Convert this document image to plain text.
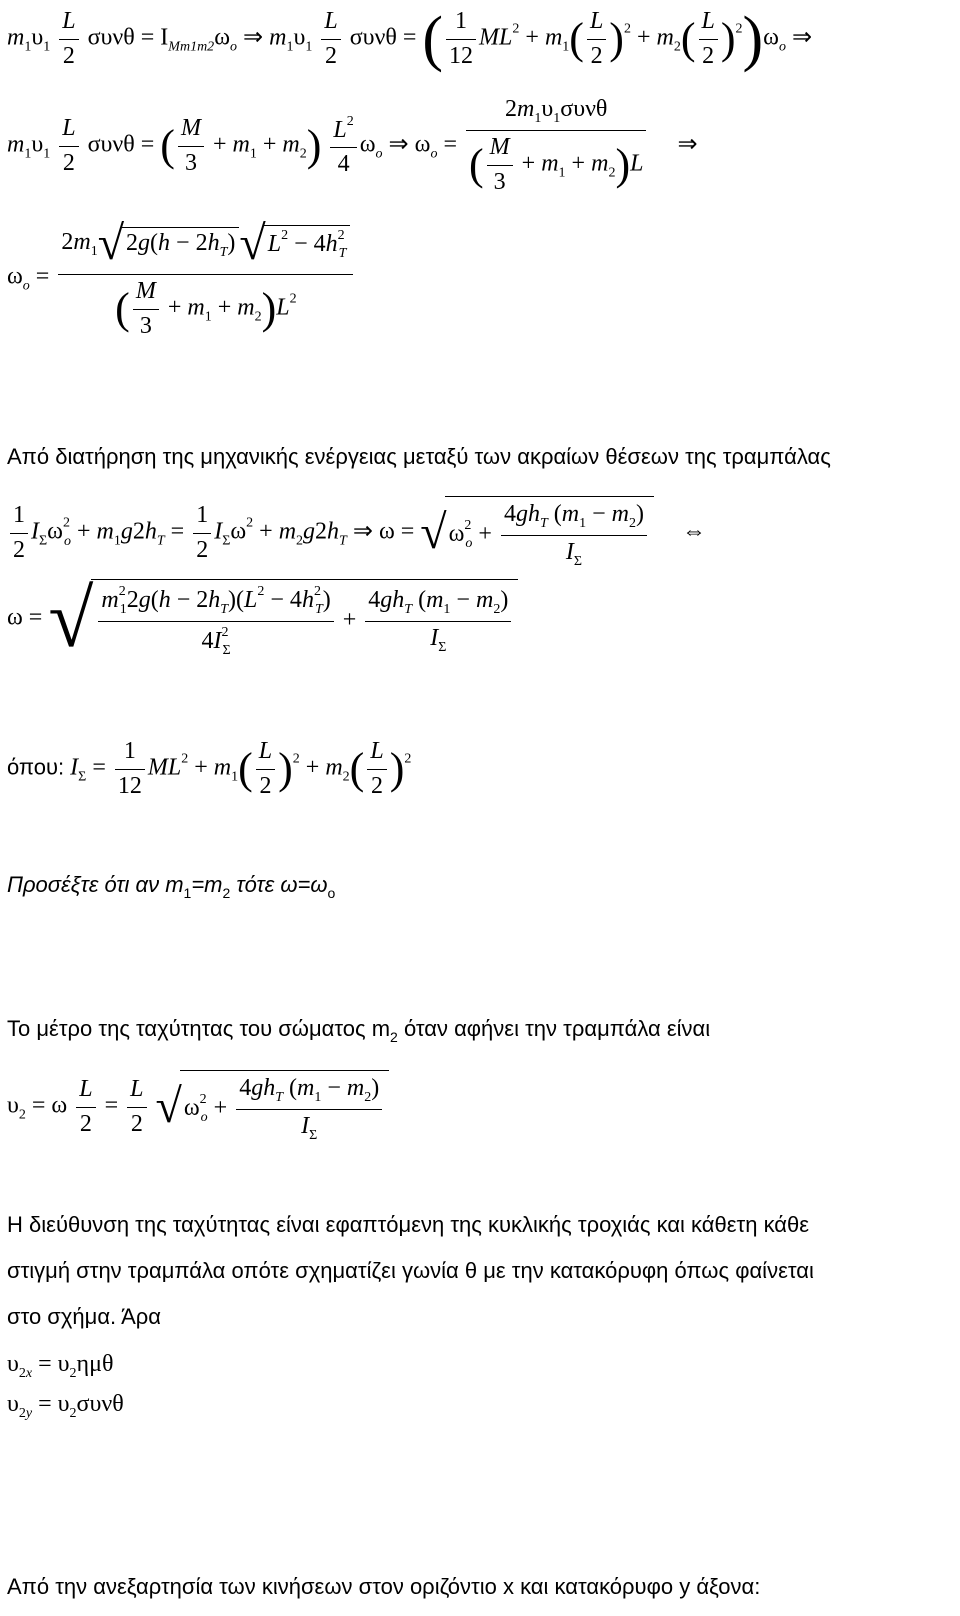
$m_1\upsilon_1 \frac{L}{2}$ $\sigma\upsilon\nu\theta = I_{Mm1m2}\omega_o$ ⇒ $m_1\upsilon_1 \frac{L}{2}$ συνθ = ( $\frac{1}{12} ML^2 + m_1( \frac{L}{2} )^2 + m_2( \frac{L}{2} )^2)\omega_o$ ⇒
$m_1\upsilon_1 \frac{L}{2}$ συνθ = ( $\frac{M}{3} + m_1 + m_2) \frac{L^2}{4} \omega_o$ ⇒ $\omega_o = \frac{2m_1\upsilon_1\sigma\upsilon\nu\theta}{( \frac{M}{3} + m_1 + m_2)L}$ ⇒
$\omega_o = \frac{2m_1√2g(h - 2h_T)√L^2 - 4h^2_T}{( \frac{M}{3} + m_1 + m_2)L^2}$
Από διατήρηση της μηχανικής ενέργειας μεταξύ των ακραίων θέσεων της τραμπάλας
$\frac{1}{2} I_\Sigma\omega^2_o + m_1g2h_T = \frac{1}{2} I_\Sigma\omega^2 + m_2g2h_T$ ⇒ $\omega = √\omega^2_o + \frac{4gh_T (m_1 - m_2)}{I_\Sigma}$ ⇔
ω = √ $\frac{m^2_12g(h - 2h_T)(L^2 - 4h^2_T)}{4I^2_\Sigma} + \frac{4gh_T (m_1 - m_2)}{I_\Sigma}$
όπου: $I_\Sigma = \frac{1}{12} ML^2 + m_1( \frac{L}{2} )^2 + m_2( \frac{L}{2} )^2$
Προσέξτε ότι αν $m_1=m_2$ τότε $\omega=\omega_o$
Το μέτρο της ταχύτητας του σώματος $m_2$ όταν αφήνει την τραμπάλα είναι
$\upsilon_2 = \omega \frac{L}{2} = \frac{L}{2} √\omega^2_o + \frac{4gh_T (m_1 - m_2)}{I_\Sigma}$
Η διεύθυνση της ταχύτητας είναι εφαπτόμενη της κυκλικής τροχιάς και κάθετη κάθε
στιγμή στην τραμπάλα οπότε σχηματίζει γωνία θ με την κατακόρυφη όπως φαίνεται
στο σχήμα. Άρα
$\upsilon_{2x} = \upsilon_2\eta\mu\theta$
$\upsilon_{2y} = \upsilon_2\sigma\upsilon\nu\theta$
Από την ανεξαρτησία των κινήσεων στον οριζόντιο x και κατακόρυφο y άξονα:
